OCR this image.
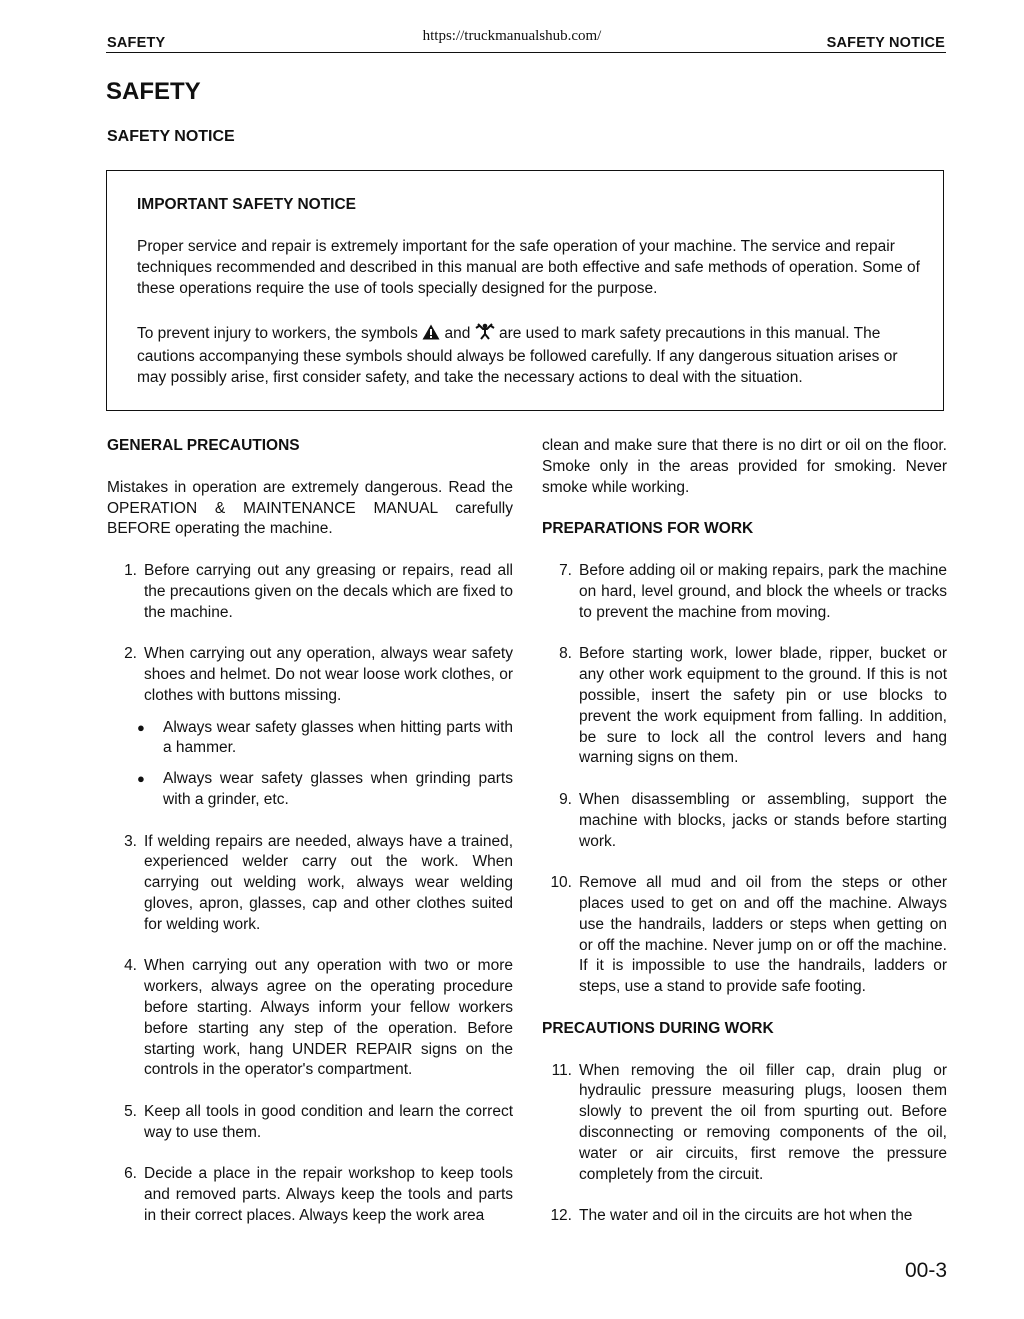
https://truckmanualshub.com/
SAFETY	SAFETY NOTICE
SAFETY
SAFETY NOTICE
IMPORTANT SAFETY NOTICE

Proper service and repair is extremely important for the safe operation of your machine. The service and repair techniques recommended and described in this manual are both effective and safe methods of operation. Some of these operations require the use of tools specially designed for the purpose.

To prevent injury to workers, the symbols and are used to mark safety precautions in this manual. The cautions accompanying these symbols should always be followed carefully. If any dangerous situation arises or may possibly arise, first consider safety, and take the necessary actions to deal with the situation.

GENERAL PRECAUTIONS

Mistakes in operation are extremely dangerous. Read the OPERATION & MAINTENANCE MANUAL carefully BEFORE operating the machine.

1. Before carrying out any greasing or repairs, read all the precautions given on the decals which are fixed to the machine.
2. When carrying out any operation, always wear safety shoes and helmet. Do not wear loose work clothes, or clothes with buttons missing.
●	Always wear safety glasses when hitting parts with a hammer.
●	Always wear safety glasses when grinding parts with a grinder, etc.
3. If welding repairs are needed, always have a trained, experienced welder carry out the work. When carrying out welding work, always wear welding gloves, apron, glasses, cap and other clothes suited for welding work.
4. When carrying out any operation with two or more workers, always agree on the operating procedure before starting. Always inform your fellow workers before starting any step of the operation. Before starting work, hang UNDER REPAIR signs on the controls in the operator's compartment.
5. Keep all tools in good condition and learn the correct way to use them.
6. Decide a place in the repair workshop to keep tools and removed parts. Always keep the tools and parts in their correct places. Always keep the work area

clean and make sure that there is no dirt or oil on the floor. Smoke only in the areas provided for smoking. Never smoke while working.

PREPARATIONS FOR WORK
7. Before adding oil or making repairs, park the machine on hard, level ground, and block the wheels or tracks to prevent the machine from moving.
8. Before starting work, lower blade, ripper, bucket or any other work equipment to the ground. If this is not possible, insert the safety pin or use blocks to prevent the work equipment from falling. In addition, be sure to lock all the control levers and hang warning signs on them.
9. When disassembling or assembling, support the machine with blocks, jacks or stands before starting work.
10. Remove all mud and oil from the steps or other places used to get on and off the machine. Always use the handrails, ladders or steps when getting on or off the machine. Never jump on or off the machine. If it is impossible to use the handrails, ladders or steps, use a stand to provide safe footing.
PRECAUTIONS DURING WORK
11. When removing the oil filler cap, drain plug or hydraulic pressure measuring plugs, loosen them slowly to prevent the oil from spurting out. Before disconnecting or removing components of the oil, water or air circuits, first remove the pressure completely from the circuit.
12. The water and oil in the circuits are hot when the
00-3
